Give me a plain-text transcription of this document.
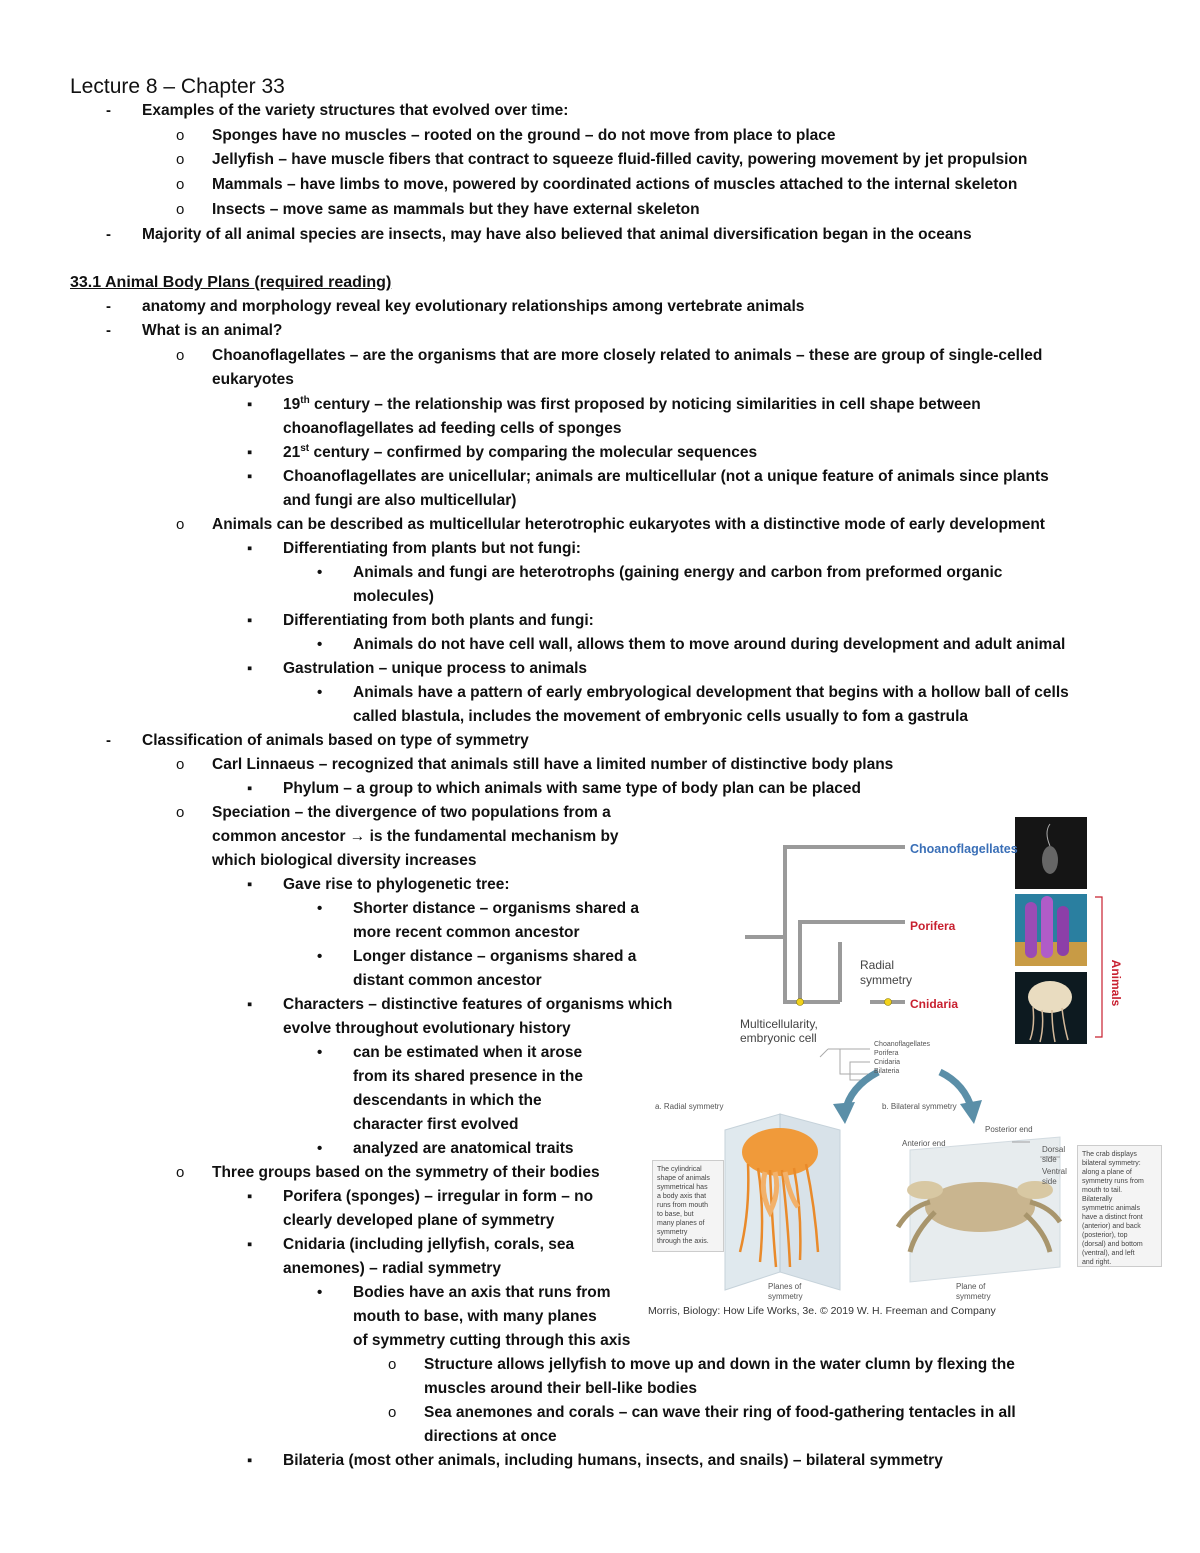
Lecture 8 – Chapter 33
- Examples of the variety structures that evolved over time:
o Sponges have no muscles – rooted on the ground – do not move from place to place
o Jellyfish – have muscle fibers that contract to squeeze fluid-filled cavity, powering movement by jet propulsion
o Mammals – have limbs to move, powered by coordinated actions of muscles attached to the internal skeleton
o Insects – move same as mammals but they have external skeleton
- Majority of all animal species are insects, may have also believed that animal diversification began in the oceans
33.1 Animal Body Plans (required reading)
- anatomy and morphology reveal key evolutionary relationships among vertebrate animals
- What is an animal?
o Choanoflagellates – are the organisms that are more closely related to animals – these are group of single-celled
eukaryotes
▪ 19th century – the relationship was first proposed by noticing similarities in cell shape between
choanoflagellates ad feeding cells of sponges
▪ 21st century – confirmed by comparing the molecular sequences
▪ Choanoflagellates are unicellular; animals are multicellular (not a unique feature of animals since plants
and fungi are also multicellular)
o Animals can be described as multicellular heterotrophic eukaryotes with a distinctive mode of early development
▪ Differentiating from plants but not fungi:
• Animals and fungi are heterotrophs (gaining energy and carbon from preformed organic
molecules)
▪ Differentiating from both plants and fungi:
• Animals do not have cell wall, allows them to move around during development and adult animal
▪ Gastrulation – unique process to animals
• Animals have a pattern of early embryological development that begins with a hollow ball of cells
called blastula, includes the movement of embryonic cells usually to fom a gastrula
- Classification of animals based on type of symmetry
o Carl Linnaeus – recognized that animals still have a limited number of distinctive body plans
▪ Phylum – a group to which animals with same type of body plan can be placed
o Speciation – the divergence of two populations from a
common ancestor → is the fundamental mechanism by
which biological diversity increases
▪ Gave rise to phylogenetic tree:
• Shorter distance – organisms shared a
more recent common ancestor
• Longer distance – organisms shared a
distant common ancestor
▪ Characters – distinctive features of organisms which
evolve throughout evolutionary history
• can be estimated when it arose
from its shared presence in the
descendants in which the
character first evolved
• analyzed are anatomical traits
o Three groups based on the symmetry of their bodies
▪ Porifera (sponges) – irregular in form – no
clearly developed plane of symmetry
▪ Cnidaria (including jellyfish, corals, sea
anemones) – radial symmetry
• Bodies have an axis that runs from
mouth to base, with many planes
of symmetry cutting through this axis
o Structure allows jellyfish to move up and down in the water clumn by flexing the
muscles around their bell-like bodies
o Sea anemones and corals – can wave their ring of food-gathering tentacles in all
directions at once
▪ Bilateria (most other animals, including humans, insects, and snails) – bilateral symmetry
Choanoflagellates
Porifera
Cnidaria
Radial
symmetry
Multicellularity,
embryonic cell
Animals
Choanoflagellates
Porifera
Cnidaria
Bilateria
a. Radial symmetry	b. Bilateral symmetry
Anterior end
Posterior end
Dorsal
side
Ventral
side
Planes of
symmetry
Plane of
symmetry
The cylindrical
shape of animals
symmetrical has
a body axis that
runs from mouth
to base, but
many planes of
symmetry
through the axis.
The crab displays
bilateral symmetry:
along a plane of
symmetry runs from
mouth to tail.
Bilaterally
symmetric animals
have a distinct front
(anterior) and back
(posterior), top
(dorsal) and bottom
(ventral), and left
and right.
Morris, Biology: How Life Works, 3e. © 2019 W. H. Freeman and Company
